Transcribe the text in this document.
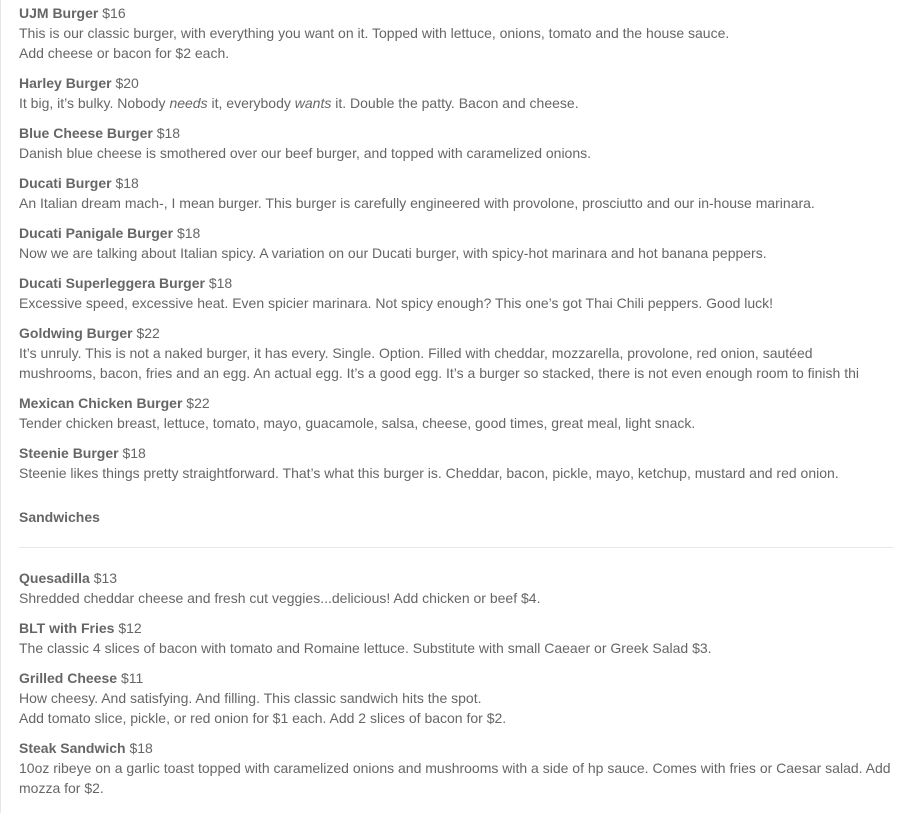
UJM Burger $16
This is our classic burger, with everything you want on it. Topped with lettuce, onions, tomato and the house sauce.
Add cheese or bacon for $2 each.
Harley Burger $20
It big, it’s bulky. Nobody needs it, everybody wants it. Double the patty. Bacon and cheese.
Blue Cheese Burger $18
Danish blue cheese is smothered over our beef burger, and topped with caramelized onions.
Ducati Burger $18
An Italian dream mach-, I mean burger. This burger is carefully engineered with provolone, prosciutto and our in-house marinara.
Ducati Panigale Burger $18
Now we are talking about Italian spicy. A variation on our Ducati burger, with spicy-hot marinara and hot banana peppers.
Ducati Superleggera Burger $18
Excessive speed, excessive heat. Even spicier marinara. Not spicy enough? This one’s got Thai Chili peppers. Good luck!
Goldwing Burger $22
It’s unruly. This is not a naked burger, it has every. Single. Option. Filled with cheddar, mozzarella, provolone, red onion, sautéed
mushrooms, bacon, fries and an egg. An actual egg. It’s a good egg. It’s a burger so stacked, there is not even enough room to finish thi
Mexican Chicken Burger $22
Tender chicken breast, lettuce, tomato, mayo, guacamole, salsa, cheese, good times, great meal, light snack.
Steenie Burger $18
Steenie likes things pretty straightforward. That’s what this burger is. Cheddar, bacon, pickle, mayo, ketchup, mustard and red onion.
Sandwiches
Quesadilla $13
Shredded cheddar cheese and fresh cut veggies...delicious! Add chicken or beef $4.
BLT with Fries $12
The classic 4 slices of bacon with tomato and Romaine lettuce. Substitute with small Caeaer or Greek Salad $3.
Grilled Cheese $11
How cheesy. And satisfying. And filling. This classic sandwich hits the spot.
Add tomato slice, pickle, or red onion for $1 each. Add 2 slices of bacon for $2.
Steak Sandwich $18
10oz ribeye on a garlic toast topped with caramelized onions and mushrooms with a side of hp sauce. Comes with fries or Caesar salad. Add
mozza for $2.
